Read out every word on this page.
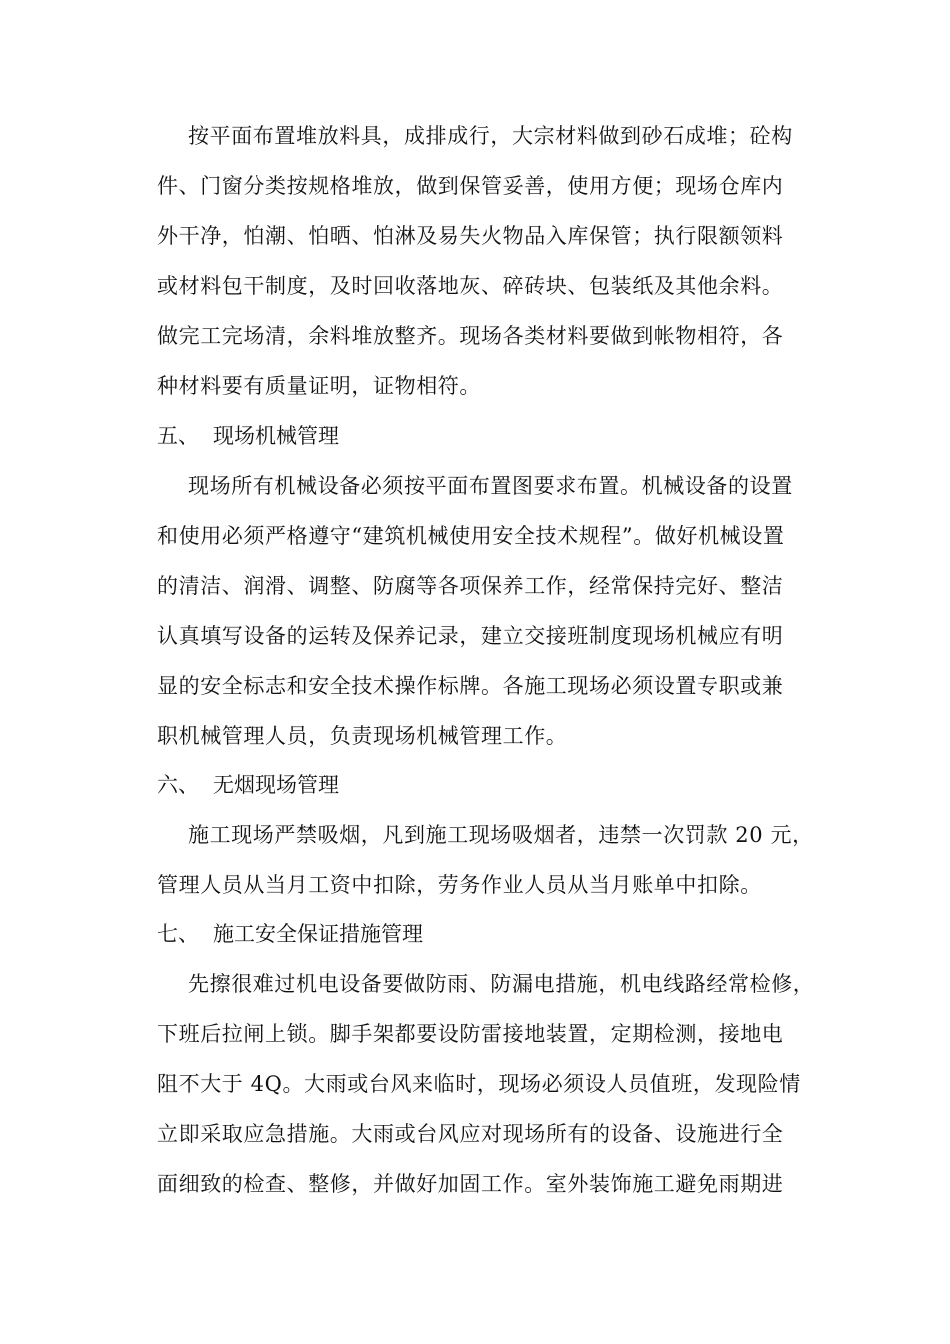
按平面布置堆放料具，成排成行，大宗材料做到砂石成堆；砼构
件、门窗分类按规格堆放，做到保管妥善，使用方便；现场仓库内
外干净，怕潮、怕晒、怕淋及易失火物品入库保管；执行限额领料
或材料包干制度，及时回收落地灰、碎砖块、包装纸及其他余料。
做完工完场清，余料堆放整齐。现场各类材料要做到帐物相符，各
种材料要有质量证明，证物相符。
五、 现场机械管理
现场所有机械设备必须按平面布置图要求布置。机械设备的设置
和使用必须严格遵守“建筑机械使用安全技术规程”。做好机械设置
的清洁、润滑、调整、防腐等各项保养工作，经常保持完好、整洁
认真填写设备的运转及保养记录，建立交接班制度现场机械应有明
显的安全标志和安全技术操作标牌。各施工现场必须设置专职或兼
职机械管理人员，负责现场机械管理工作。
六、 无烟现场管理
施工现场严禁吸烟，凡到施工现场吸烟者，违禁一次罚款 20 元，
管理人员从当月工资中扣除，劳务作业人员从当月账单中扣除。
七、 施工安全保证措施管理
先擦很难过机电设备要做防雨、防漏电措施，机电线路经常检修，
下班后拉闸上锁。脚手架都要设防雷接地装置，定期检测，接地电
阻不大于 4Q。大雨或台风来临时，现场必须设人员值班，发现险情
立即采取应急措施。大雨或台风应对现场所有的设备、设施进行全
面细致的检查、整修，并做好加固工作。室外装饰施工避免雨期进
